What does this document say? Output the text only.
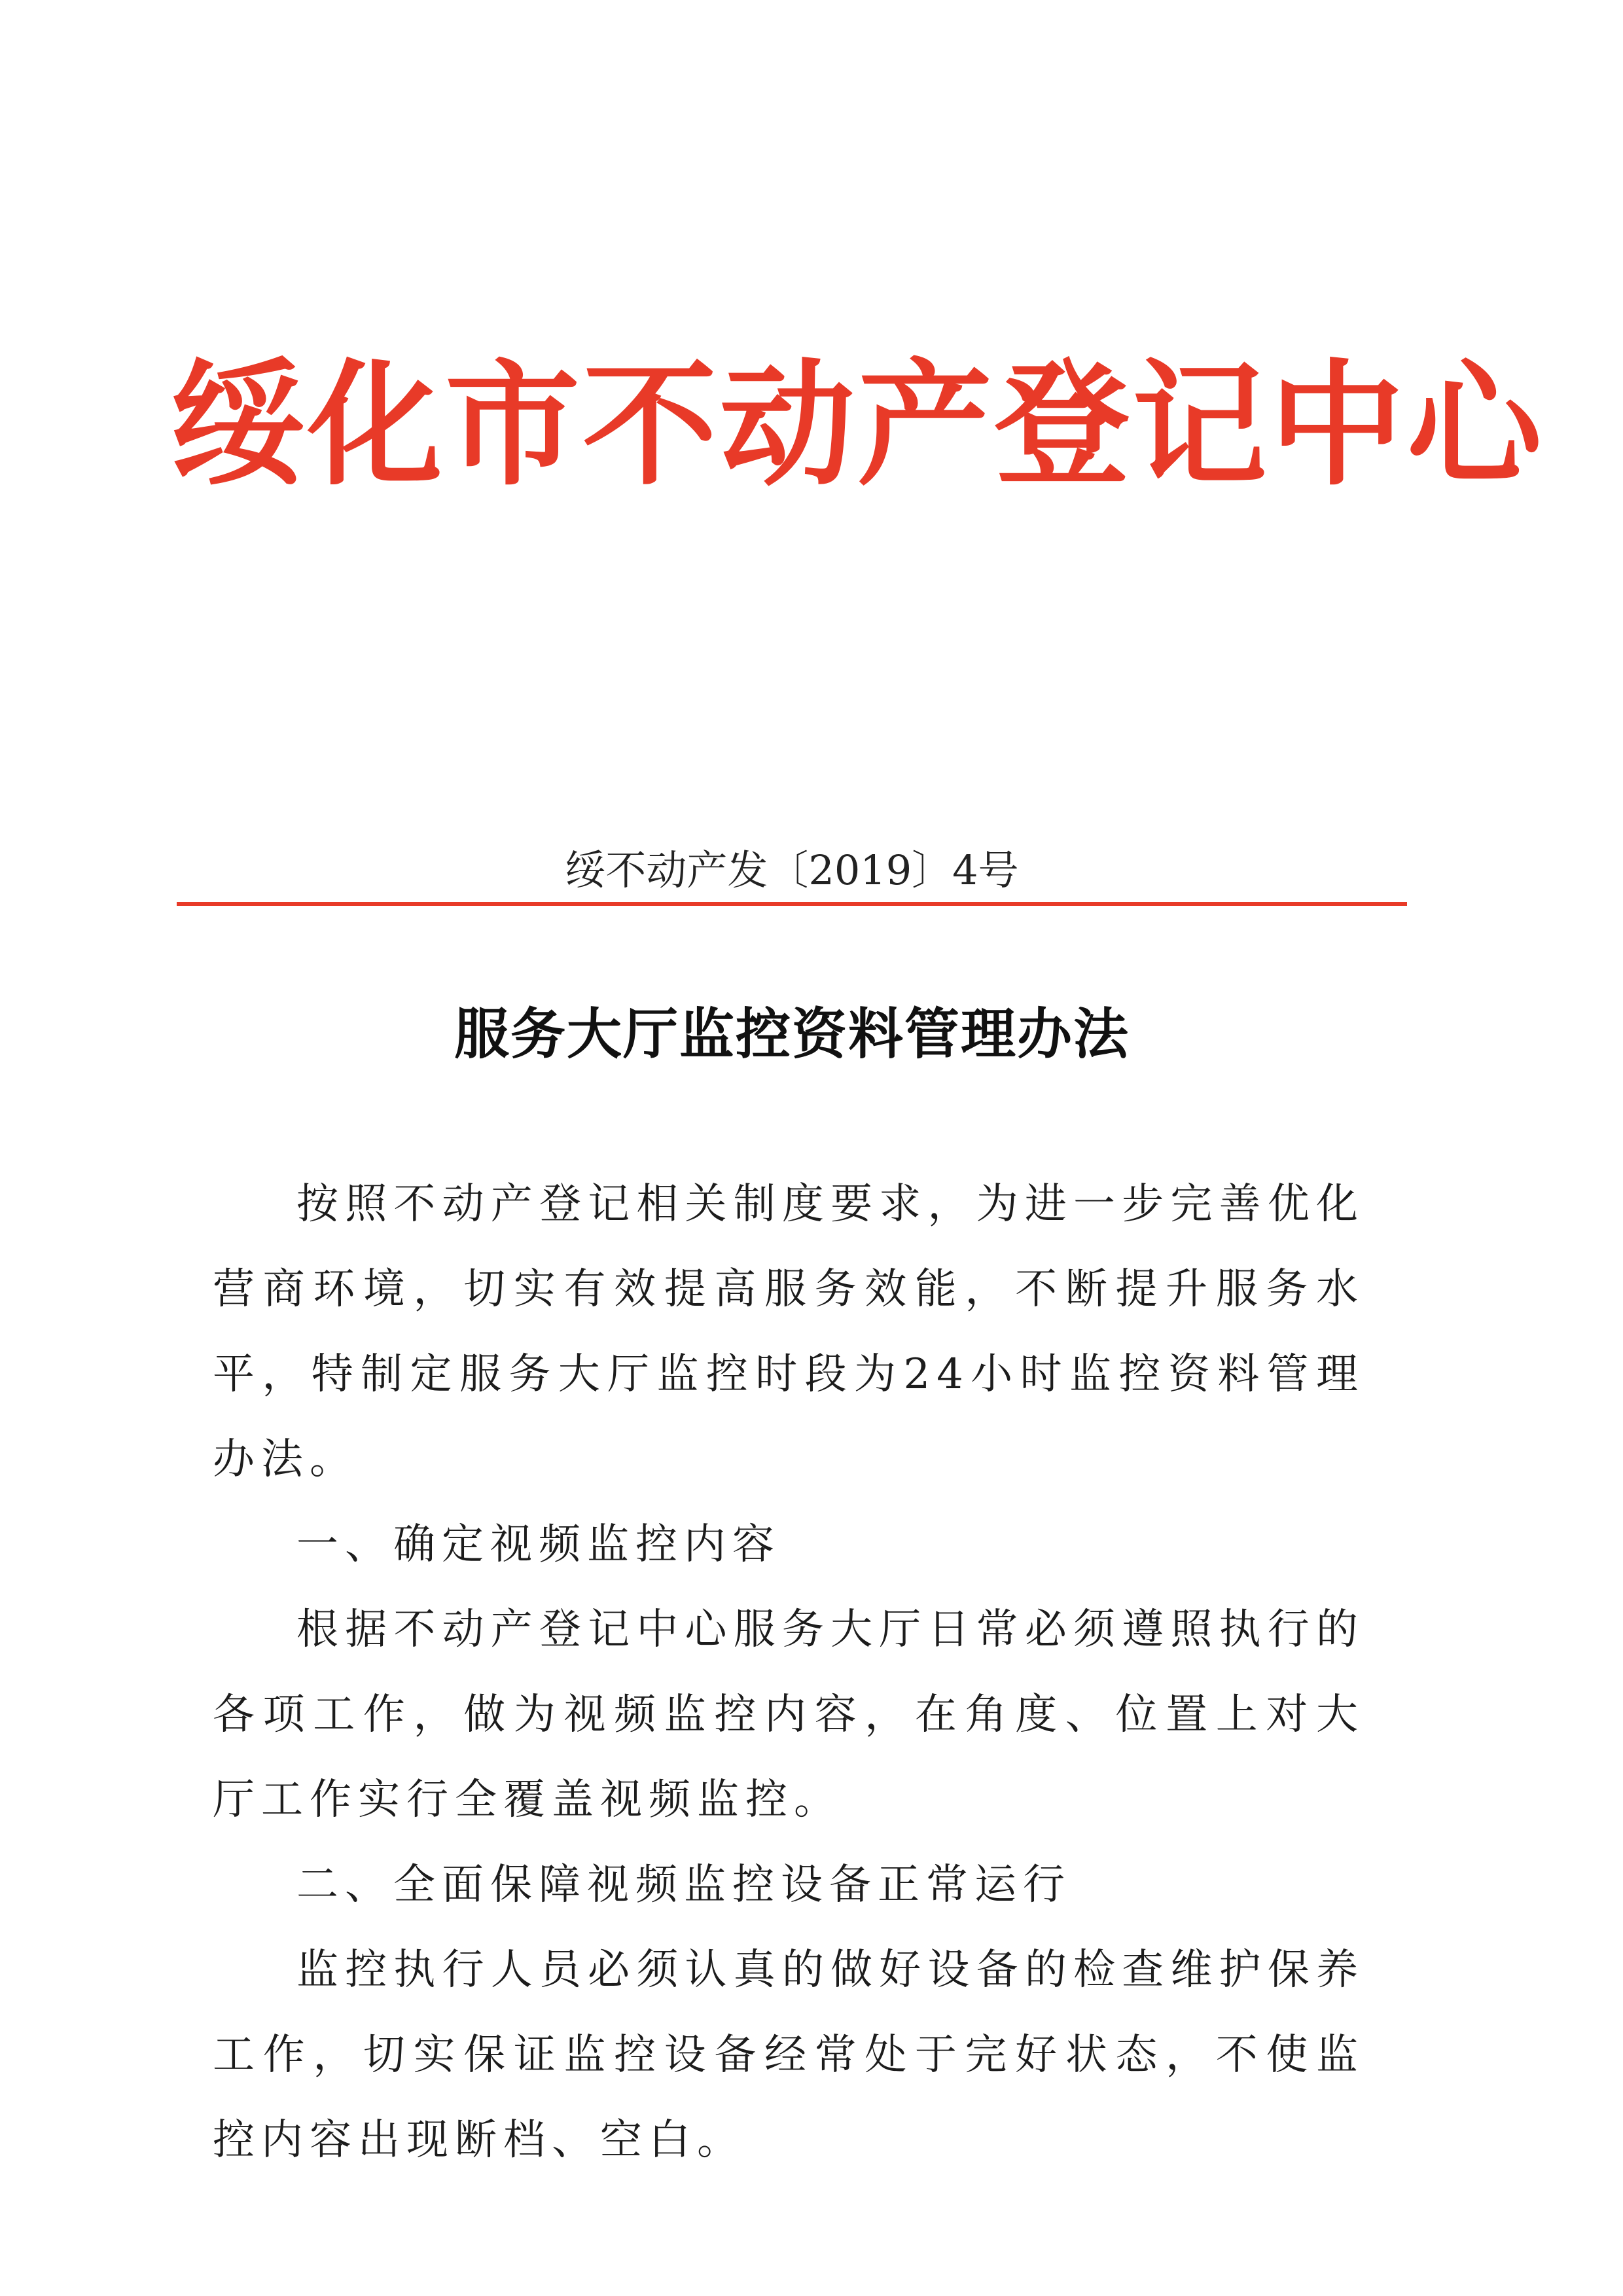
绥化市不动产登记中心
绥不动产发〔2019〕4号
服务大厅监控资料管理办法

按照不动产登记相关制度要求，为进一步完善优化营商环境，切实有效提高服务效能，不断提升服务水平，特制定服务大厅监控时段为24小时监控资料管理办法。

一、确定视频监控内容

根据不动产登记中心服务大厅日常必须遵照执行的各项工作，做为视频监控内容，在角度、位置上对大厅工作实行全覆盖视频监控。

二、全面保障视频监控设备正常运行

监控执行人员必须认真的做好设备的检查维护保养工作，切实保证监控设备经常处于完好状态，不使监控内容出现断档、空白。
